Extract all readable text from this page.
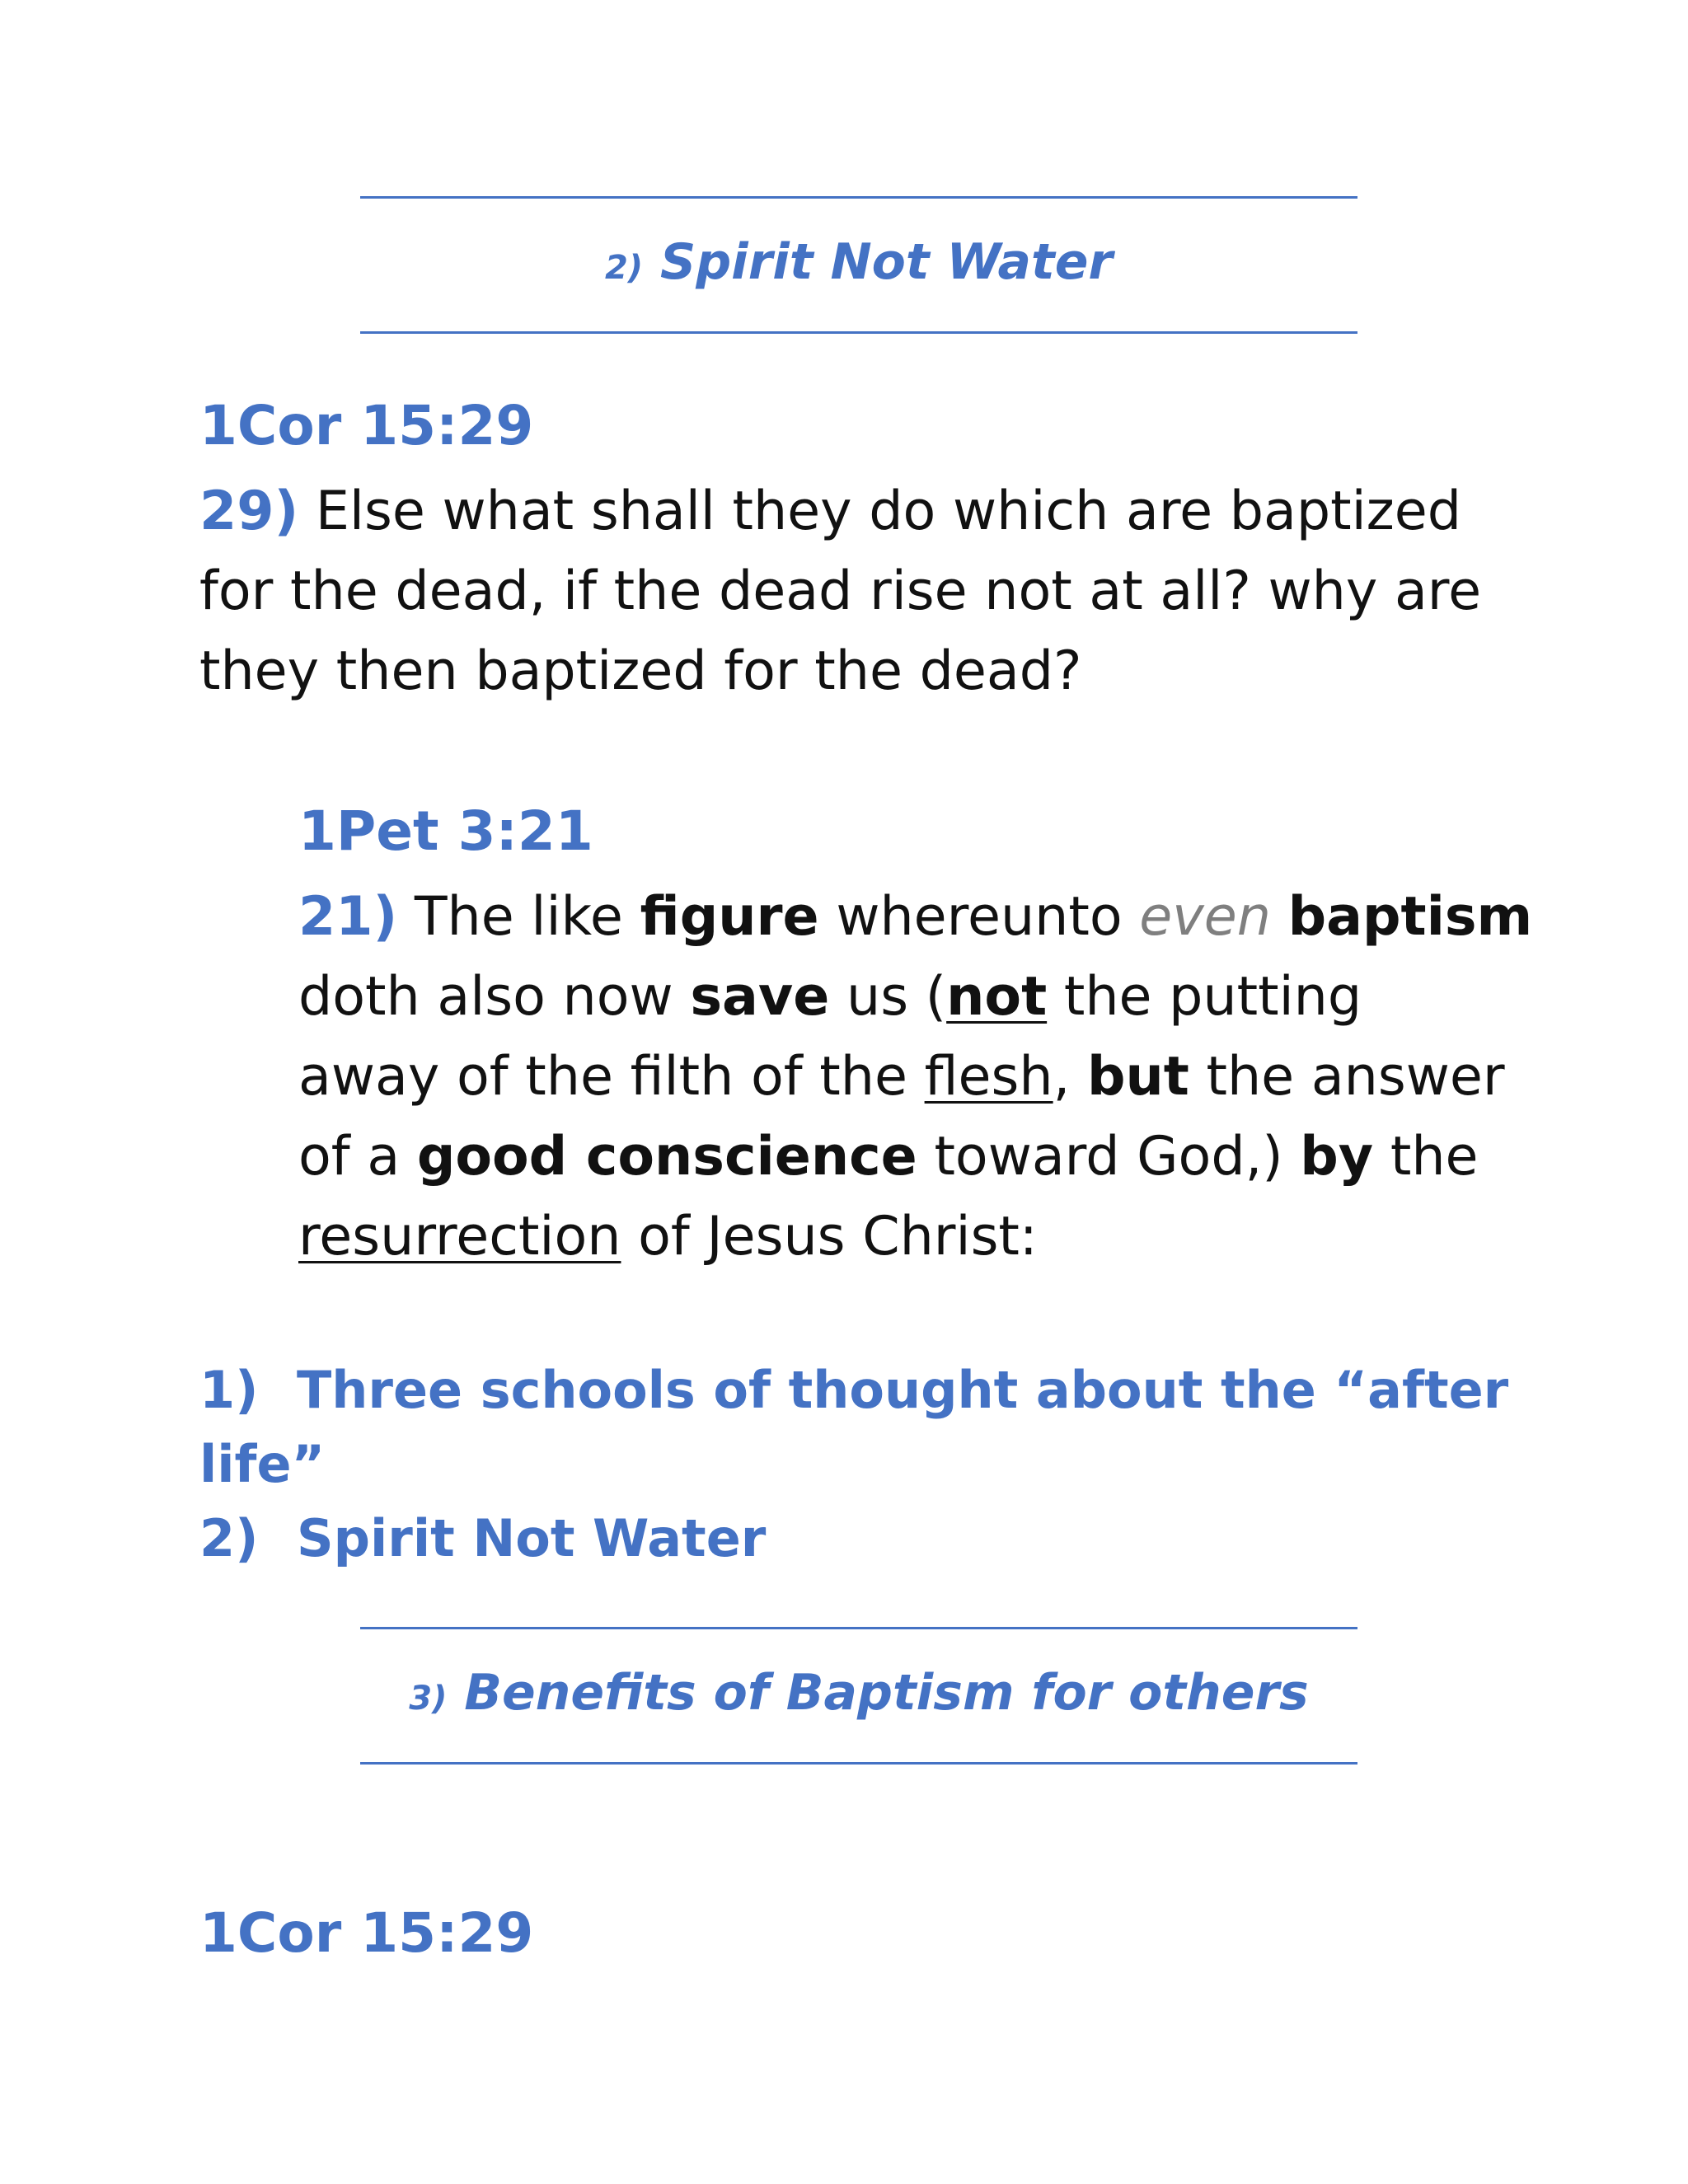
2) Spirit Not Water
1Cor 15:29
29) Else what shall they do which are baptized
for the dead, if the dead rise not at all? why are
they then baptized for the dead?
1Pet 3:21
21) The like figure whereunto even baptism
doth also now save us (not the putting
away of the filth of the flesh, but the answer
of a good conscience toward God,) by the
resurrection of Jesus Christ:
1) Three schools of thought about the “after
life”
2) Spirit Not Water
3) Benefits of Baptism for others
1Cor 15:29
